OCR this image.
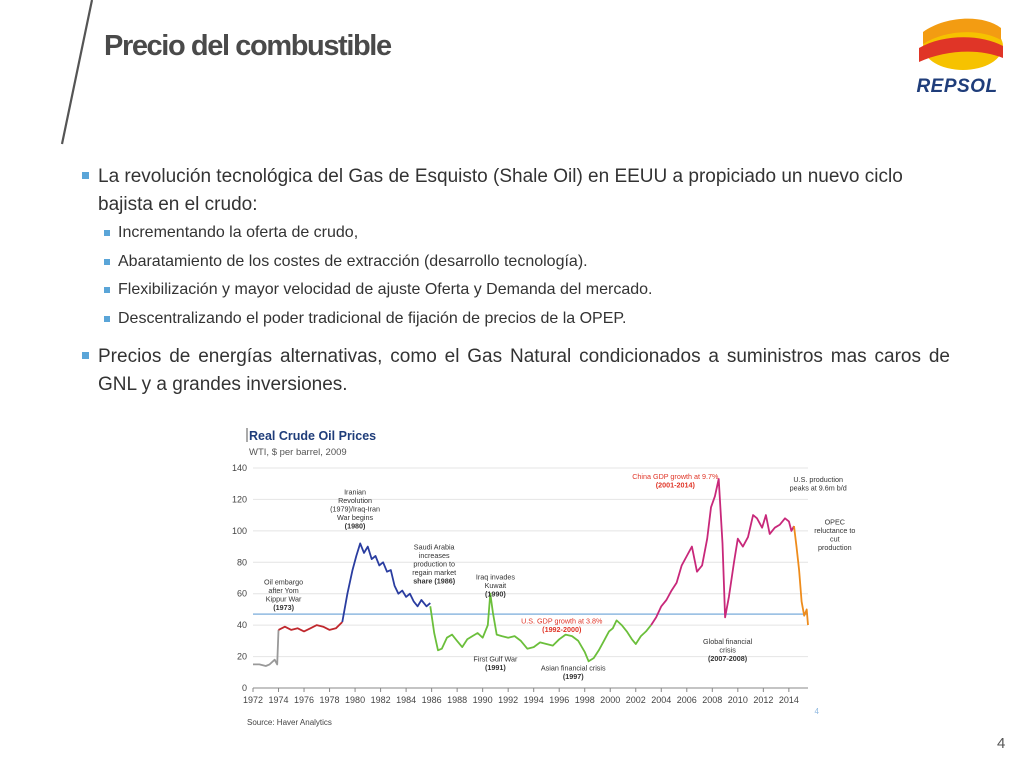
Precio del combustible
REPSOL
La revolución tecnológica del Gas de Esquisto (Shale Oil) en EEUU a propiciado un nuevo ciclo bajista en el crudo:
Incrementando la oferta de crudo,
Abaratamiento de los costes de extracción (desarrollo tecnología).
Flexibilización y mayor velocidad de ajuste Oferta y Demanda del mercado.
Descentralizando el poder tradicional de fijación de precios de la OPEP.
Precios de energías alternativas, como el Gas Natural condicionados a suministros mas caros de GNL y a grandes inversiones.
Real Crude Oil Prices
WTI, $ per barrel, 2009
0
20
40
60
80
100
120
140
1972 1974 1976 1978 1980 1982 1984 1986 1988 1990 1992 1994 1996 1998 2000 2002 2004 2006 2008 2010 2012 2014
Oil embargo after Yom Kippur War (1973)
Iranian Revolution (1979)/Iraq-Iran War begins (1980)
Saudi Arabia increases production to regain market share (1986)	Iraq invades Kuwait (1990)
U.S. GDP growth at 3.8% (1992-2000)
First Gulf War (1991)	Asian financial crisis (1997)
China GDP growth at 9.7% (2001-2014)
U.S. production peaks at 9.6m b/d
OPEC reluctance to cut production
Global financial crisis (2007-2008)
Source: Haver Analytics
4
4
